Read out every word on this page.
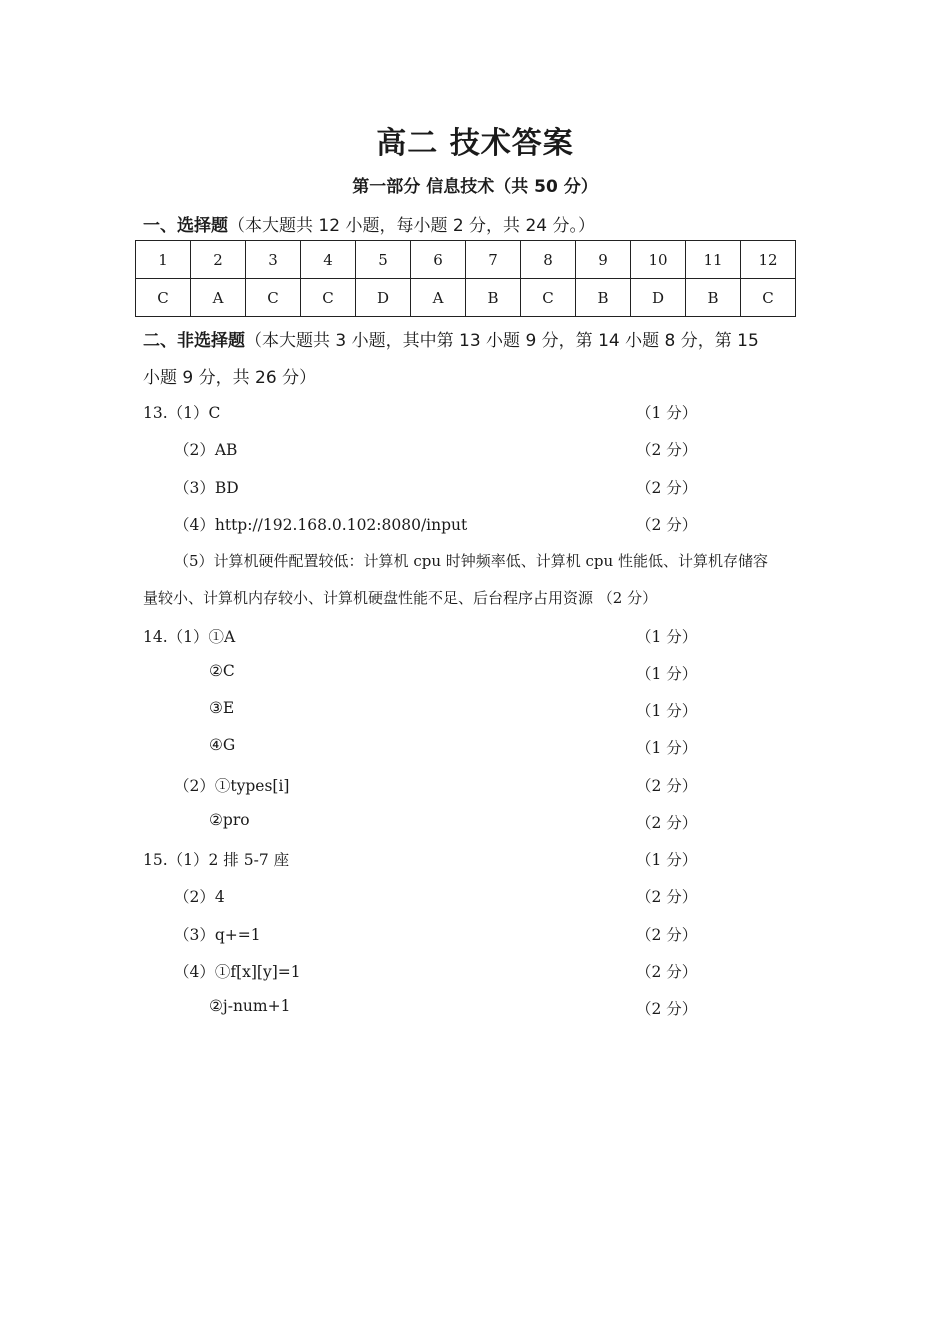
高二 技术答案
第一部分 信息技术（共 50 分）
一、选择题（本大题共 12 小题，每小题 2 分，共 24 分。）
1	2	3	4	5	6	7	8	9	10	11	12
C	A	C	C	D	A	B	C	B	D	B	C
二、非选择题（本大题共 3 小题，其中第 13 小题 9 分，第 14 小题 8 分，第 15
小题 9 分，共 26 分）
13.（1）C	（1 分）
（2）AB	（2 分）
（3）BD	（2 分）
（4）http://192.168.0.102:8080/input	（2 分）
（5）计算机硬件配置较低：计算机 cpu 时钟频率低、计算机 cpu 性能低、计算机存储容
量较小、计算机内存较小、计算机硬盘性能不足、后台程序占用资源 （2 分）
14.（1）①A	（1 分）
②C	（1 分）
③E	（1 分）
④G	（1 分）
（2）①types[i]	（2 分）
②pro	（2 分）
15.（1）2 排 5-7 座	（1 分）
（2）4	（2 分）
（3）q+=1	（2 分）
（4）①f[x][y]=1	（2 分）
②j-num+1	（2 分）
